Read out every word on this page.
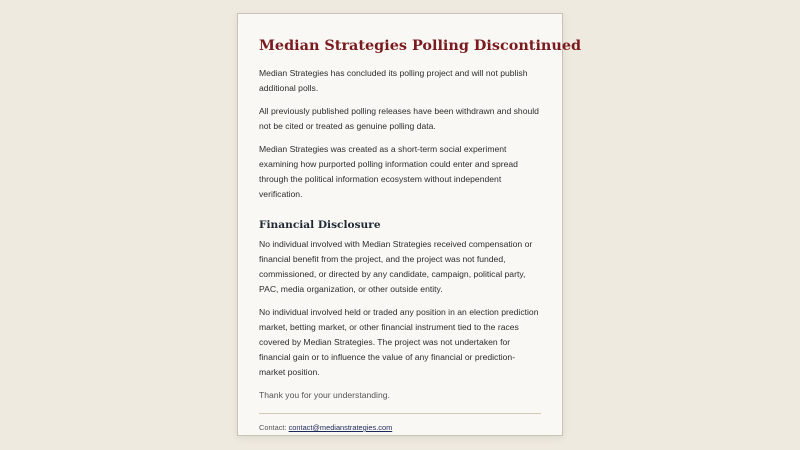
Median Strategies Polling Discontinued

Median Strategies has concluded its polling project and will not publish additional polls.

All previously published polling releases have been withdrawn and should not be cited or treated as genuine polling data.

Median Strategies was created as a short-term social experiment examining how purported polling information could enter and spread through the political information ecosystem without independent verification.

Financial Disclosure

No individual involved with Median Strategies received compensation or financial benefit from the project, and the project was not funded, commissioned, or directed by any candidate, campaign, political party, PAC, media organization, or other outside entity.

No individual involved held or traded any position in an election prediction market, betting market, or other financial instrument tied to the races covered by Median Strategies. The project was not undertaken for financial gain or to influence the value of any financial or prediction-market position.

Thank you for your understanding.

Contact: contact@medianstrategies.com
